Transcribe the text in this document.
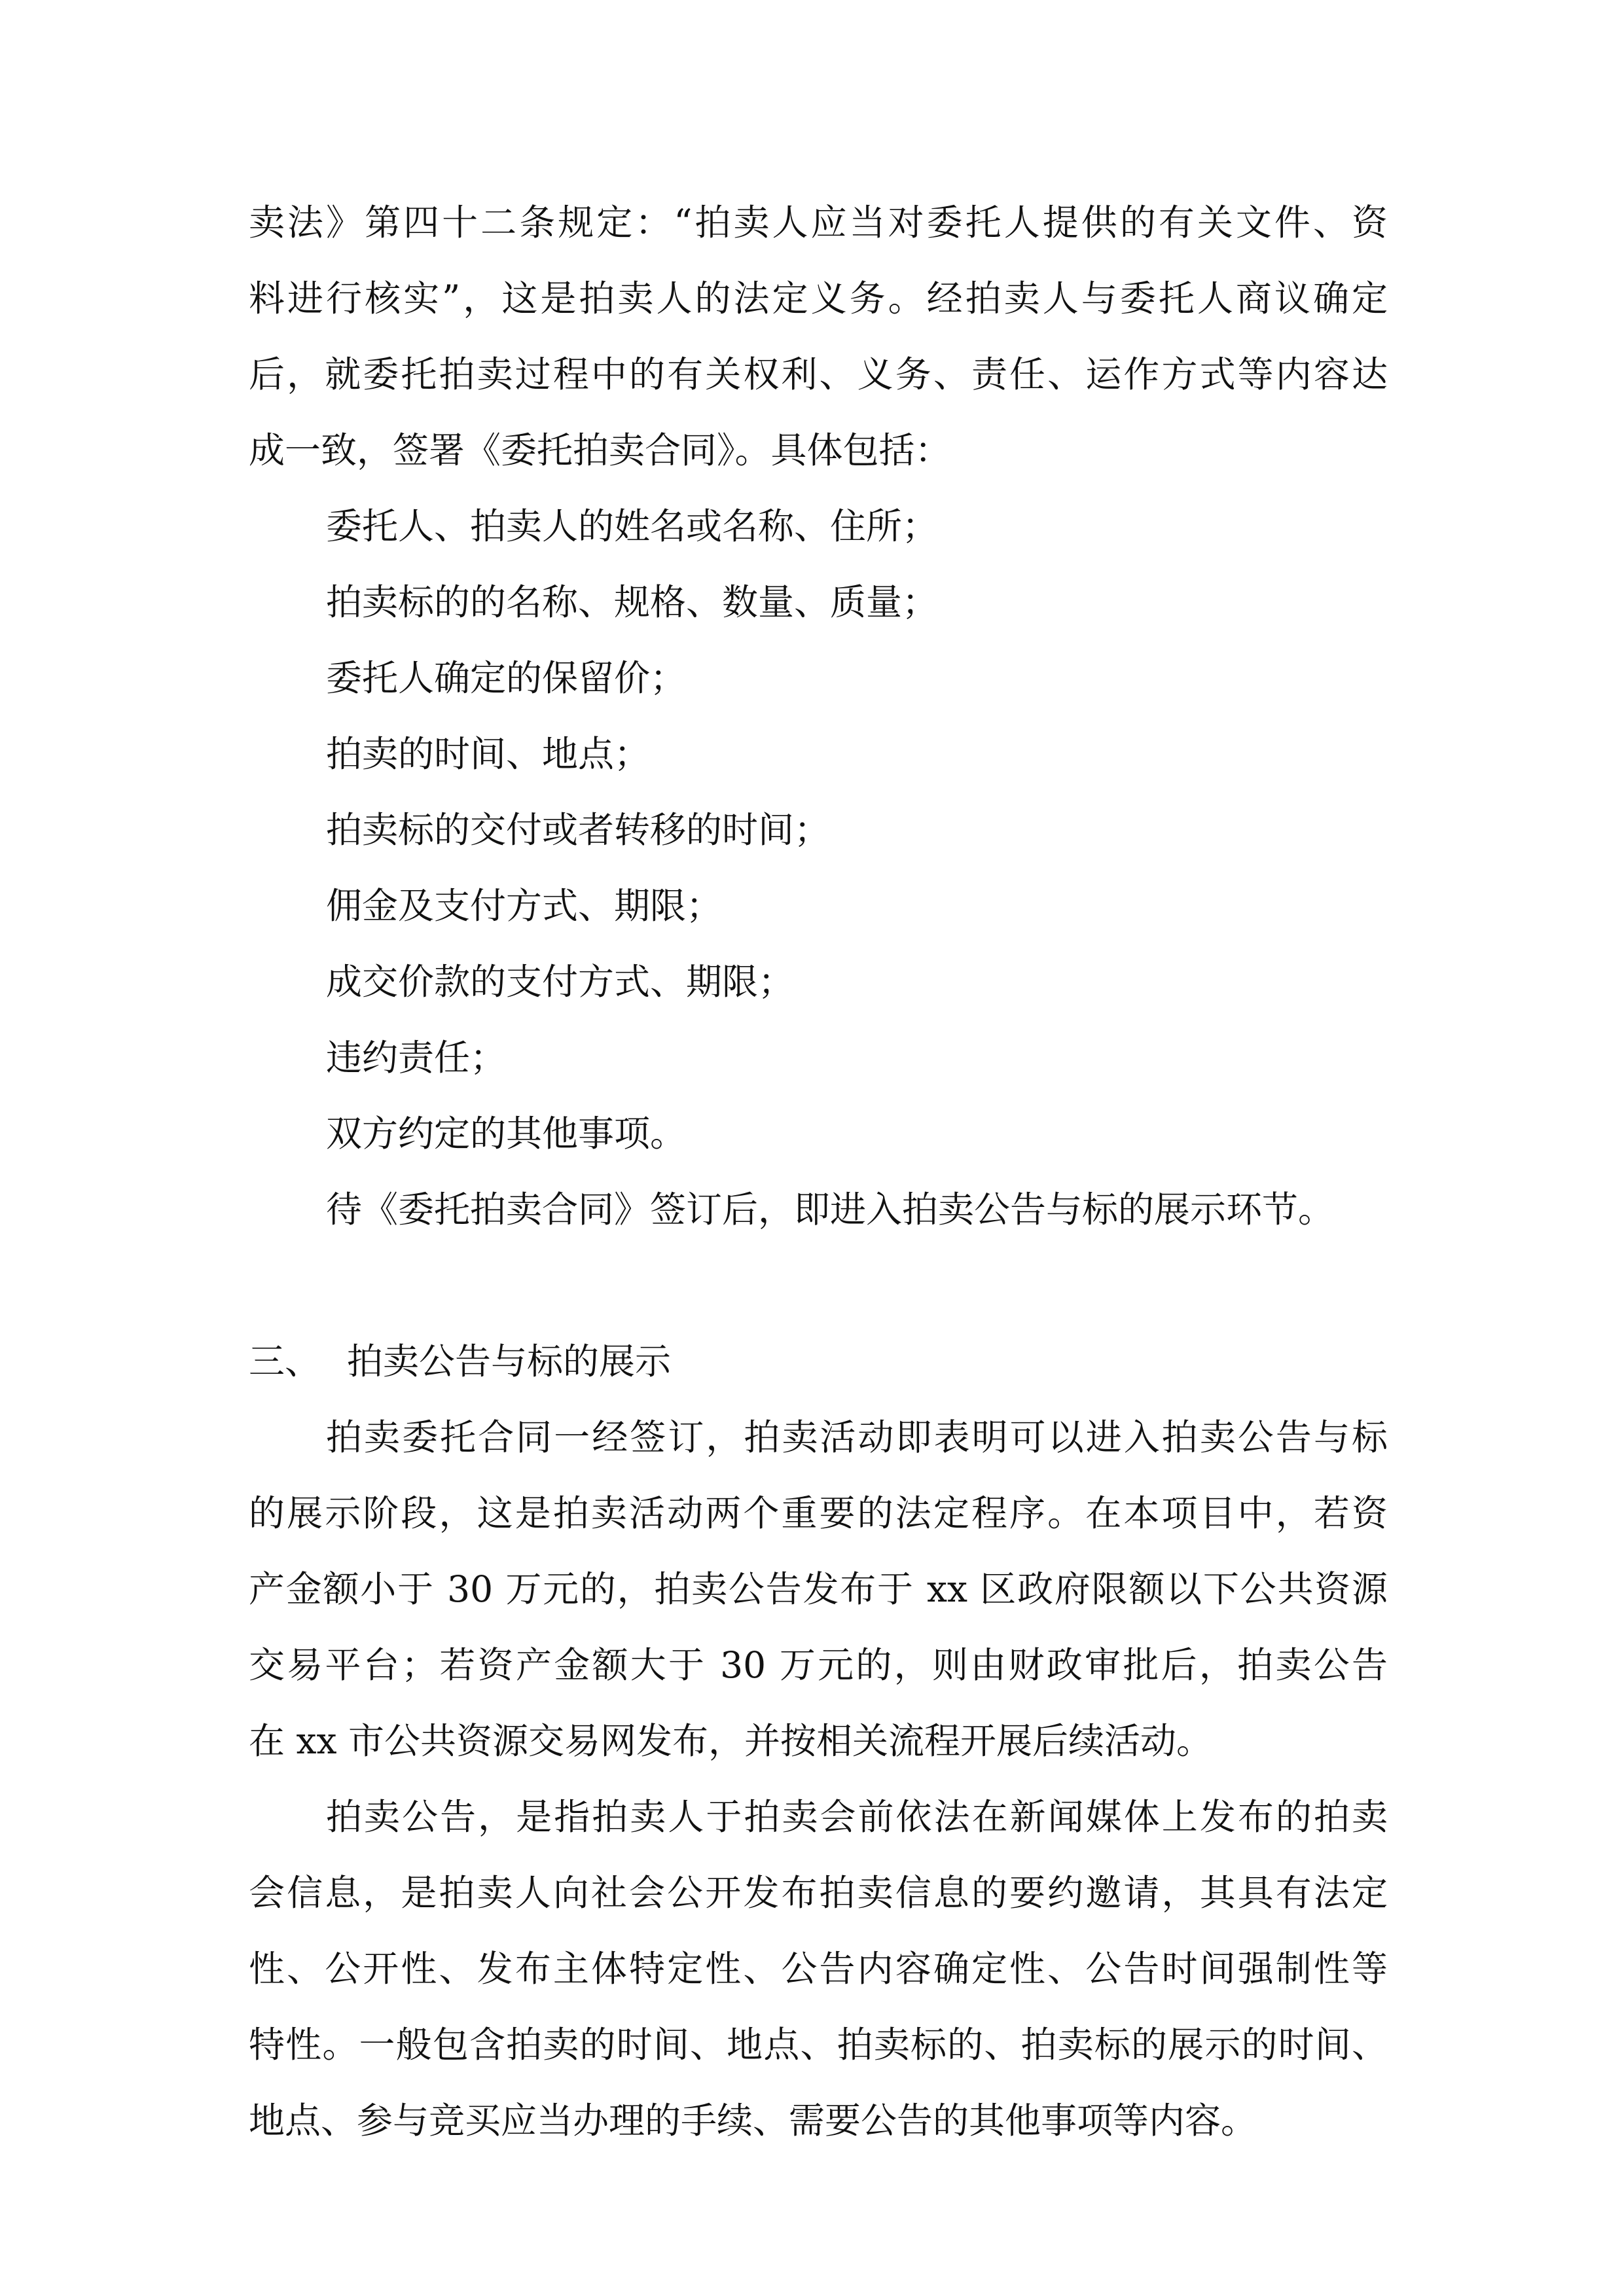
卖法》第四十二条规定：“拍卖人应当对委托人提供的有关文件、资
料进行核实”，这是拍卖人的法定义务。经拍卖人与委托人商议确定
后，就委托拍卖过程中的有关权利、义务、责任、运作方式等内容达
成一致，签署《委托拍卖合同》。具体包括：
委托人、拍卖人的姓名或名称、住所；
拍卖标的的名称、规格、数量、质量；
委托人确定的保留价；
拍卖的时间、地点；
拍卖标的交付或者转移的时间；
佣金及支付方式、期限；
成交价款的支付方式、期限；
违约责任；
双方约定的其他事项。
待《委托拍卖合同》签订后，即进入拍卖公告与标的展示环节。
三、 拍卖公告与标的展示
拍卖委托合同一经签订，拍卖活动即表明可以进入拍卖公告与标
的展示阶段，这是拍卖活动两个重要的法定程序。在本项目中，若资
产金额小于 30 万元的，拍卖公告发布于 xx 区政府限额以下公共资源
交易平台；若资产金额大于 30 万元的，则由财政审批后，拍卖公告
在 xx 市公共资源交易网发布，并按相关流程开展后续活动。
拍卖公告，是指拍卖人于拍卖会前依法在新闻媒体上发布的拍卖
会信息，是拍卖人向社会公开发布拍卖信息的要约邀请，其具有法定
性、公开性、发布主体特定性、公告内容确定性、公告时间强制性等
特性。一般包含拍卖的时间、地点、拍卖标的、拍卖标的展示的时间、
地点、参与竞买应当办理的手续、需要公告的其他事项等内容。
